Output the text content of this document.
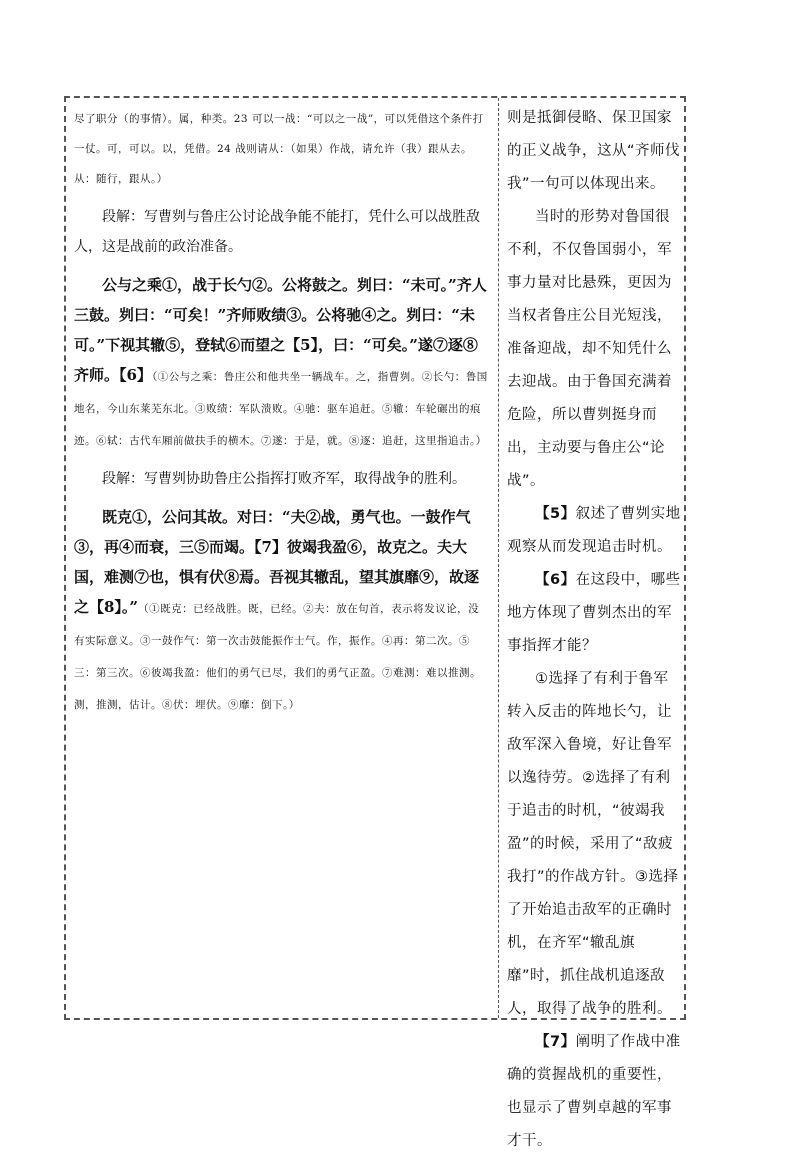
尽了职分（的事情）。属，种类。23 可以一战：“可以之一战”，可以凭借这个条件打一仗。可，可以。以，凭借。24 战则请从：（如果）作战，请允许（我）跟从去。从：随行，跟从。）

段解：写曹刿与鲁庄公讨论战争能不能打，凭什么可以战胜敌人，这是战前的政治准备。

公与之乘①，战于长勺②。公将鼓之。刿曰：“未可。”齐人三鼓。刿曰：“可矣！”齐师败绩③。公将驰④之。刿曰：“未可。”下视其辙⑤，登轼⑥而望之【5】，曰：“可矣。”遂⑦逐⑧齐师。【6】（①公与之乘：鲁庄公和他共坐一辆战车。之，指曹刿。②长勺：鲁国地名，今山东莱芜东北。③败绩：军队溃败。④驰：驱车追赶。⑤辙：车轮碾出的痕迹。⑥轼：古代车厢前做扶手的横木。⑦遂：于是，就。⑧逐：追赶，这里指追击。）

段解：写曹刿协助鲁庄公指挥打败齐军，取得战争的胜利。

既克①，公问其故。对曰：“夫②战，勇气也。一鼓作气③，再④而衰，三⑤而竭。【7】彼竭我盈⑥，故克之。夫大国，难测⑦也，惧有伏⑧焉。吾视其辙乱，望其旗靡⑨，故逐之【8】。”（①既克：已经战胜。既，已经。②夫：放在句首，表示将发议论，没有实际意义。③一鼓作气：第一次击鼓能振作士气。作，振作。④再：第二次。⑤三：第三次。⑥彼竭我盈：他们的勇气已尽，我们的勇气正盈。⑦难测：难以推测。测，推测，估计。⑧伏：埋伏。⑨靡：倒下。）

则是抵御侵略、保卫国家的正义战争，这从“齐师伐我”一句可以体现出来。

当时的形势对鲁国很不利，不仅鲁国弱小，军事力量对比悬殊，更因为当权者鲁庄公目光短浅，准备迎战，却不知凭什么去迎战。由于鲁国充满着危险，所以曹刿挺身而出，主动要与鲁庄公“论战”。

【5】叙述了曹刿实地观察从而发现追击时机。

【6】在这段中，哪些地方体现了曹刿杰出的军事指挥才能？

①选择了有利于鲁军转入反击的阵地长勺，让敌军深入鲁境，好让鲁军以逸待劳。②选择了有利于追击的时机，“彼竭我盈”的时候，采用了“敌疲我打”的作战方针。③选择了开始追击敌军的正确时机，在齐军“辙乱旗靡”时，抓住战机追逐敌人，取得了战争的胜利。

【7】阐明了作战中准确的赏握战机的重要性，也显示了曹刿卓越的军事才干。
